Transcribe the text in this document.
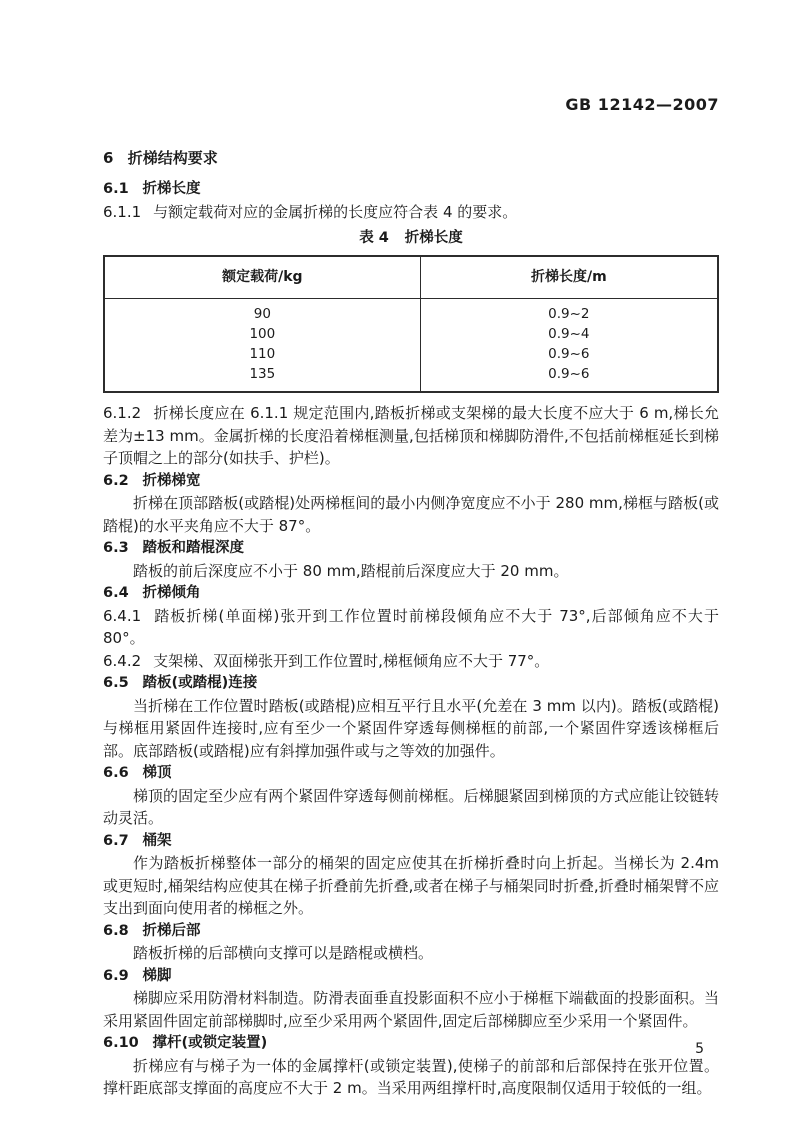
GB 12142—2007
6 折梯结构要求
6.1 折梯长度

6.1.1 与额定载荷对应的金属折梯的长度应符合表 4 的要求。

表 4 折梯长度
额定载荷/kg	折梯长度/m
90	0.9~2
100	0.9~4
110	0.9~6
135	0.9~6

6.1.2 折梯长度应在 6.1.1 规定范围内,踏板折梯或支架梯的最大长度不应大于 6 m,梯长允差为±13 mm。金属折梯的长度沿着梯框测量,包括梯顶和梯脚防滑件,不包括前梯框延长到梯子顶帽之上的部分(如扶手、护栏)。

6.2 折梯梯宽

折梯在顶部踏板(或踏棍)处两梯框间的最小内侧净宽度应不小于 280 mm,梯框与踏板(或踏棍)的水平夹角应不大于 87°。

6.3 踏板和踏棍深度

踏板的前后深度应不小于 80 mm,踏棍前后深度应大于 20 mm。

6.4 折梯倾角

6.4.1 踏板折梯(单面梯)张开到工作位置时前梯段倾角应不大于 73°,后部倾角应不大于 80°。

6.4.2 支架梯、双面梯张开到工作位置时,梯框倾角应不大于 77°。

6.5 踏板(或踏棍)连接

当折梯在工作位置时踏板(或踏棍)应相互平行且水平(允差在 3 mm 以内)。踏板(或踏棍)与梯框用紧固件连接时,应有至少一个紧固件穿透每侧梯框的前部,一个紧固件穿透该梯框后部。底部踏板(或踏棍)应有斜撑加强件或与之等效的加强件。

6.6 梯顶

梯顶的固定至少应有两个紧固件穿透每侧前梯框。后梯腿紧固到梯顶的方式应能让铰链转动灵活。

6.7 桶架

作为踏板折梯整体一部分的桶架的固定应使其在折梯折叠时向上折起。当梯长为 2.4m 或更短时,桶架结构应使其在梯子折叠前先折叠,或者在梯子与桶架同时折叠,折叠时桶架臂不应支出到面向使用者的梯框之外。

6.8 折梯后部

踏板折梯的后部横向支撑可以是踏棍或横档。

6.9 梯脚

梯脚应采用防滑材料制造。防滑表面垂直投影面积不应小于梯框下端截面的投影面积。当采用紧固件固定前部梯脚时,应至少采用两个紧固件,固定后部梯脚应至少采用一个紧固件。

6.10 撑杆(或锁定装置)

折梯应有与梯子为一体的金属撑杆(或锁定装置),使梯子的前部和后部保持在张开位置。撑杆距底部支撑面的高度应不大于 2 m。当采用两组撑杆时,高度限制仅适用于较低的一组。

5
